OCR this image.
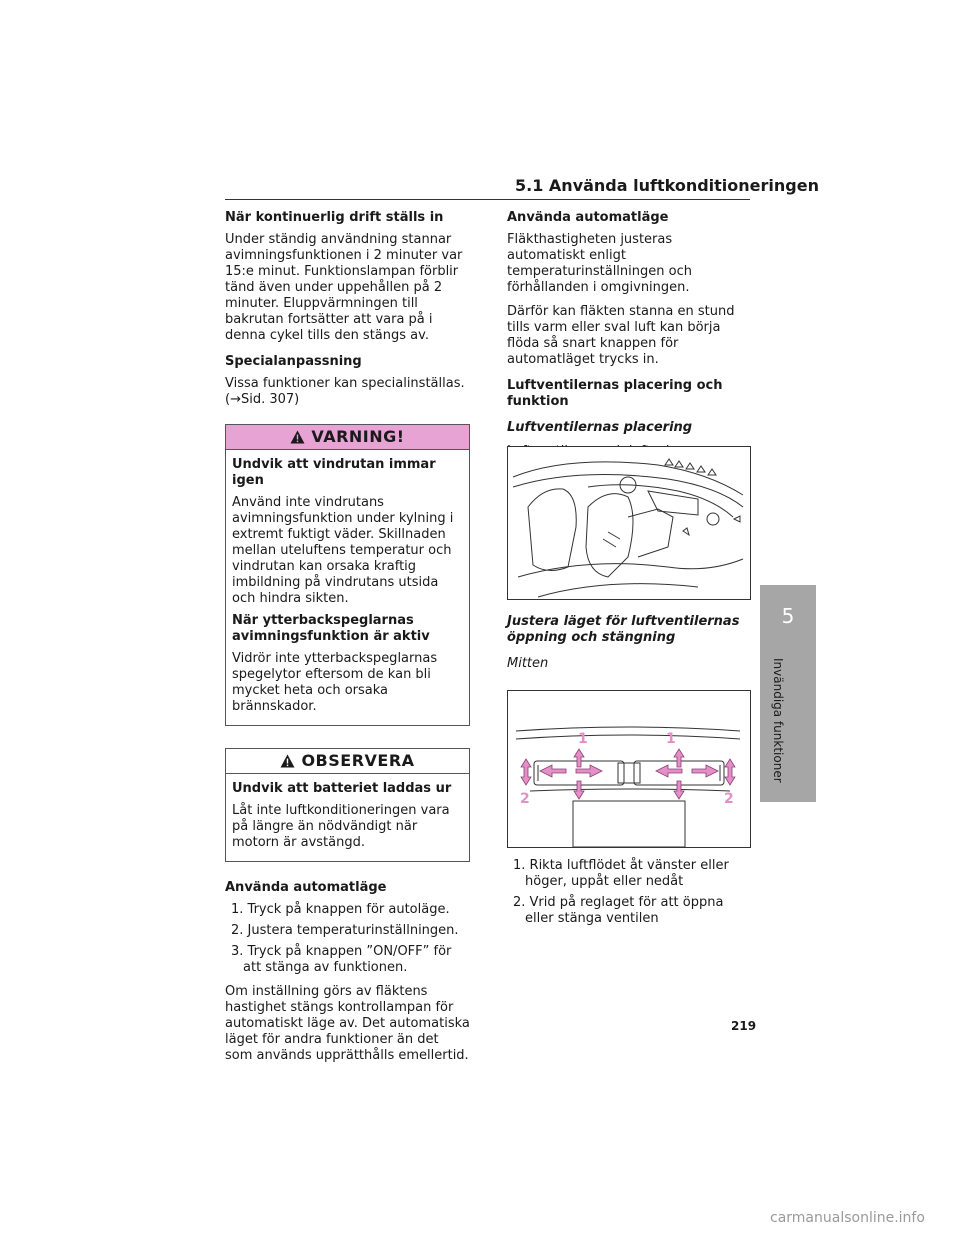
5.1 Använda luftkonditioneringen

När kontinuerlig drift ställs in

Under ständig användning stannar avimningsfunktionen i 2 minuter var 15:e minut. Funktionslampan förblir tänd även under uppehållen på 2 minuter. Eluppvärmningen till bakrutan fortsätter att vara på i denna cykel tills den stängs av.

Specialanpassning

Vissa funktioner kan specialinställas. (→Sid. 307)

VARNING!

Undvik att vindrutan immar igen

Använd inte vindrutans avimningsfunktion under kylning i extremt fuktigt väder. Skillnaden mellan uteluftens temperatur och vindrutan kan orsaka kraftig imbildning på vindrutans utsida och hindra sikten.

När ytterbackspeglarnas avimningsfunktion är aktiv

Vidrör inte ytterbackspeglarnas spegelytor eftersom de kan bli mycket heta och orsaka brännskador.

OBSERVERA

Undvik att batteriet laddas ur

Låt inte luftkonditioneringen vara på längre än nödvändigt när motorn är avstängd.

Använda automatläge

1. Tryck på knappen för autoläge.

2. Justera temperaturinställningen.

3. Tryck på knappen ”ON/OFF” för att stänga av funktionen.

Om inställning görs av fläktens hastighet stängs kontrollampan för automatiskt läge av. Det automatiska läget för andra funktioner än det som används upprätthålls emellertid.

Använda automatläge

Fläkthastigheten justeras automatiskt enligt temperaturinställningen och förhållanden i omgivningen.

Därför kan fläkten stanna en stund tills varm eller sval luft kan börja flöda så snart knappen för automatläget trycks in.

Luftventilernas placering och funktion

Luftventilernas placering

Justera läget för luftventilernas öppning och stängning

Mitten

1	1
2	2

1. Rikta luftflödet åt vänster eller höger, uppåt eller nedåt

2. Vrid på reglaget för att öppna eller stänga ventilen

5
Invändiga funktioner
219
carmanualsonline.info
